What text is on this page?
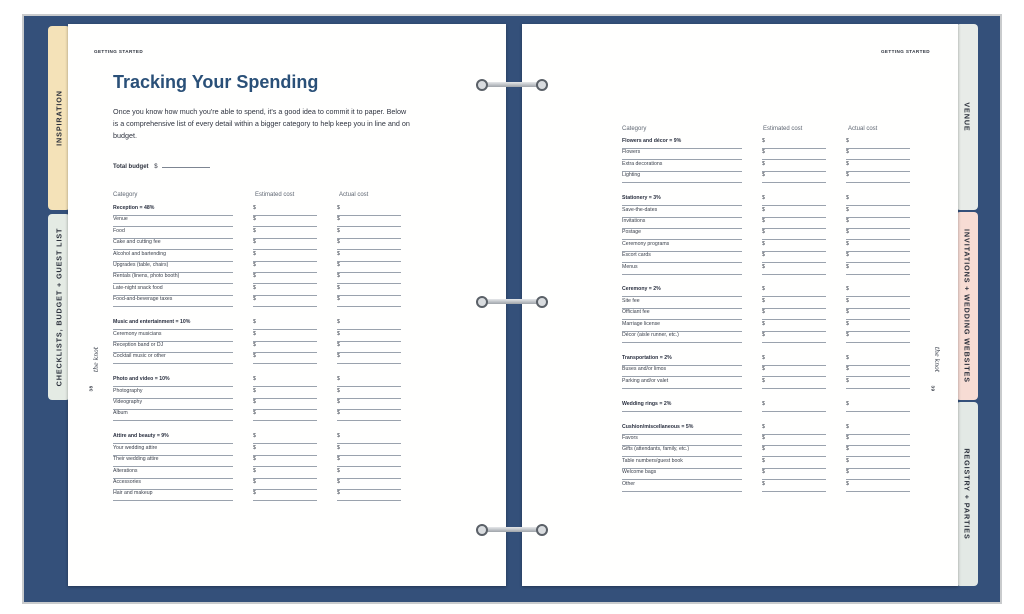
INSPIRATION
CHECKLISTS, BUDGET + GUEST LIST
VENUE
INVITATIONS + WEDDING WEBSITES
REGISTRY + PARTIES
GETTING STARTED
Tracking Your Spending
Once you know how much you're able to spend, it's a good idea to commit it to paper. Below is a comprehensive list of every detail within a bigger category to help keep you in line and on budget.
Total budget $
Category	Estimated cost	Actual cost
Reception = 48%	$	$
Venue	$	$
Food	$	$
Cake and cutting fee	$	$
Alcohol and bartending	$	$
Upgrades (table, chairs)	$	$
Rentals (linens, photo booth)	$	$
Late-night snack food	$	$
Food-and-beverage taxes	$	$
Music and entertainment = 10%	$	$
Ceremony musicians	$	$
Reception band or DJ	$	$
Cocktail music or other	$	$
Photo and video = 10%	$	$
Photography	$	$
Videography	$	$
Album	$	$
Attire and beauty = 9%	$	$
Your wedding attire	$	$
Their wedding attire	$	$
Alterations	$	$
Accessories	$	$
Hair and makeup	$	$
the knot
38
GETTING STARTED
Category	Estimated cost	Actual cost
Flowers and décor = 9%	$	$
Flowers	$	$
Extra decorations	$	$
Lighting	$	$
Stationery = 3%	$	$
Save-the-dates	$	$
Invitations	$	$
Postage	$	$
Ceremony programs	$	$
Escort cards	$	$
Menus	$	$
Ceremony = 2%	$	$
Site fee	$	$
Officiant fee	$	$
Marriage license	$	$
Décor (aisle runner, etc.)	$	$
Transportation = 2%	$	$
Buses and/or limos	$	$
Parking and/or valet	$	$
Wedding rings = 2%	$	$
Cushion/miscellaneous = 5%	$	$
Favors	$	$
Gifts (attendants, family, etc.)	$	$
Table numbers/guest book	$	$
Welcome bags	$	$
Other	$	$
the knot
39
